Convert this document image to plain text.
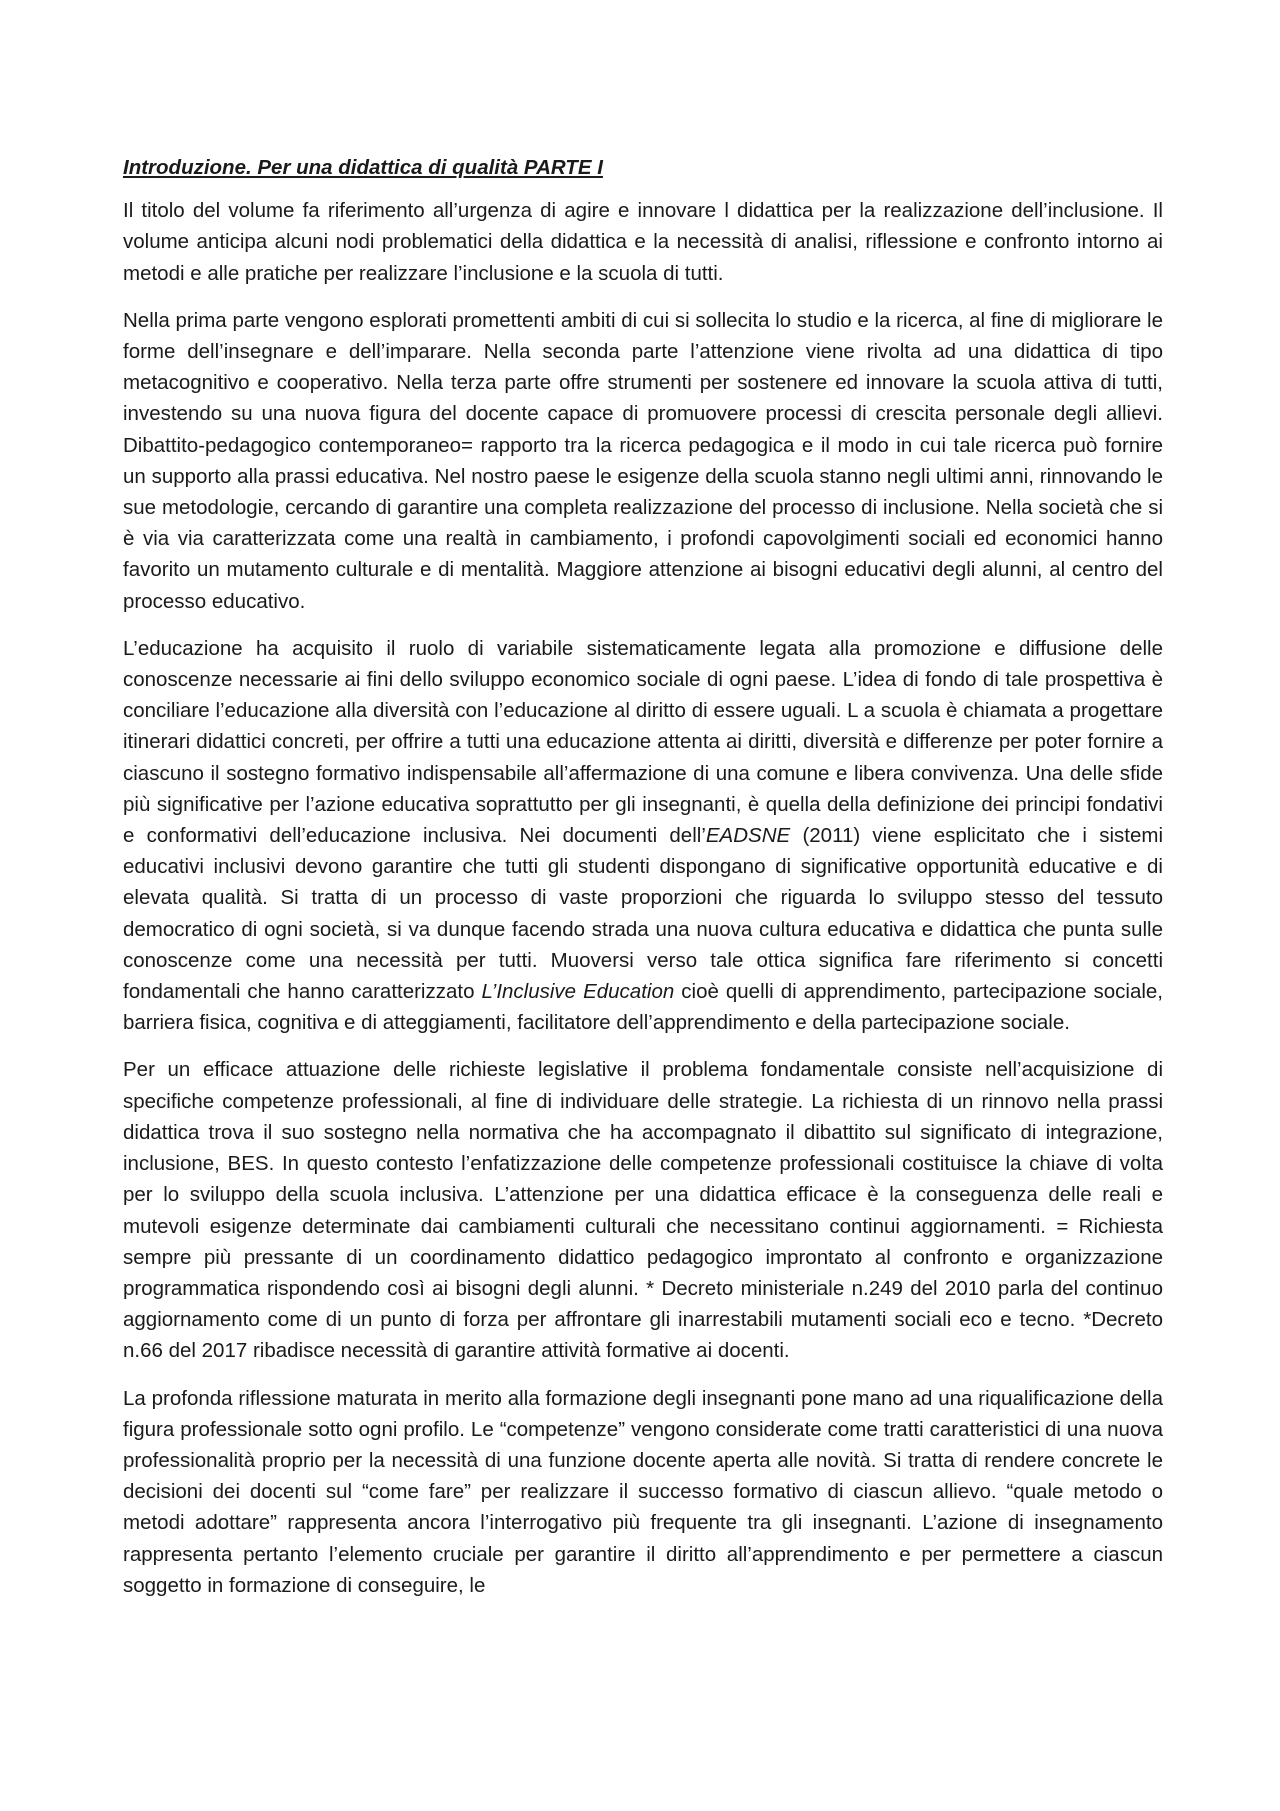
Introduzione. Per una didattica di qualità PARTE I

Il titolo del volume fa riferimento all’urgenza di agire e innovare l didattica per la realizzazione dell’inclusione. Il volume anticipa alcuni nodi problematici della didattica e la necessità di analisi, riflessione e confronto intorno ai metodi e alle pratiche per realizzare l’inclusione e la scuola di tutti.

Nella prima parte vengono esplorati promettenti ambiti di cui si sollecita lo studio e la ricerca, al fine di migliorare le forme dell’insegnare e dell’imparare. Nella seconda parte l’attenzione viene rivolta ad una didattica di tipo metacognitivo e cooperativo. Nella terza parte offre strumenti per sostenere ed innovare la scuola attiva di tutti, investendo su una nuova figura del docente capace di promuovere processi di crescita personale degli allievi. Dibattito-pedagogico contemporaneo= rapporto tra la ricerca pedagogica e il modo in cui tale ricerca può fornire un supporto alla prassi educativa. Nel nostro paese le esigenze della scuola stanno negli ultimi anni, rinnovando le sue metodologie, cercando di garantire una completa realizzazione del processo di inclusione. Nella società che si è via via caratterizzata come una realtà in cambiamento, i profondi capovolgimenti sociali ed economici hanno favorito un mutamento culturale e di mentalità. Maggiore attenzione ai bisogni educativi degli alunni, al centro del processo educativo.

L’educazione ha acquisito il ruolo di variabile sistematicamente legata alla promozione e diffusione delle conoscenze necessarie ai fini dello sviluppo economico sociale di ogni paese. L’idea di fondo di tale prospettiva è conciliare l’educazione alla diversità con l’educazione al diritto di essere uguali. L a scuola è chiamata a progettare itinerari didattici concreti, per offrire a tutti una educazione attenta ai diritti, diversità e differenze per poter fornire a ciascuno il sostegno formativo indispensabile all’affermazione di una comune e libera convivenza. Una delle sfide più significative per l’azione educativa soprattutto per gli insegnanti, è quella della definizione dei principi fondativi e conformativi dell’educazione inclusiva. Nei documenti dell’EADSNE (2011) viene esplicitato che i sistemi educativi inclusivi devono garantire che tutti gli studenti dispongano di significative opportunità educative e di elevata qualità. Si tratta di un processo di vaste proporzioni che riguarda lo sviluppo stesso del tessuto democratico di ogni società, si va dunque facendo strada una nuova cultura educativa e didattica che punta sulle conoscenze come una necessità per tutti. Muoversi verso tale ottica significa fare riferimento si concetti fondamentali che hanno caratterizzato L’Inclusive Education cioè quelli di apprendimento, partecipazione sociale, barriera fisica, cognitiva e di atteggiamenti, facilitatore dell’apprendimento e della partecipazione sociale.

Per un efficace attuazione delle richieste legislative il problema fondamentale consiste nell’acquisizione di specifiche competenze professionali, al fine di individuare delle strategie. La richiesta di un rinnovo nella prassi didattica trova il suo sostegno nella normativa che ha accompagnato il dibattito sul significato di integrazione, inclusione, BES. In questo contesto l’enfatizzazione delle competenze professionali costituisce la chiave di volta per lo sviluppo della scuola inclusiva. L’attenzione per una didattica efficace è la conseguenza delle reali e mutevoli esigenze determinate dai cambiamenti culturali che necessitano continui aggiornamenti. = Richiesta sempre più pressante di un coordinamento didattico pedagogico improntato al confronto e organizzazione programmatica rispondendo così ai bisogni degli alunni. * Decreto ministeriale n.249 del 2010 parla del continuo aggiornamento come di un punto di forza per affrontare gli inarrestabili mutamenti sociali eco e tecno. *Decreto n.66 del 2017 ribadisce necessità di garantire attività formative ai docenti.

La profonda riflessione maturata in merito alla formazione degli insegnanti pone mano ad una riqualificazione della figura professionale sotto ogni profilo. Le “competenze” vengono considerate come tratti caratteristici di una nuova professionalità proprio per la necessità di una funzione docente aperta alle novità. Si tratta di rendere concrete le decisioni dei docenti sul “come fare” per realizzare il successo formativo di ciascun allievo. “quale metodo o metodi adottare” rappresenta ancora l’interrogativo più frequente tra gli insegnanti. L’azione di insegnamento rappresenta pertanto l’elemento cruciale per garantire il diritto all’apprendimento e per permettere a ciascun soggetto in formazione di conseguire, le
